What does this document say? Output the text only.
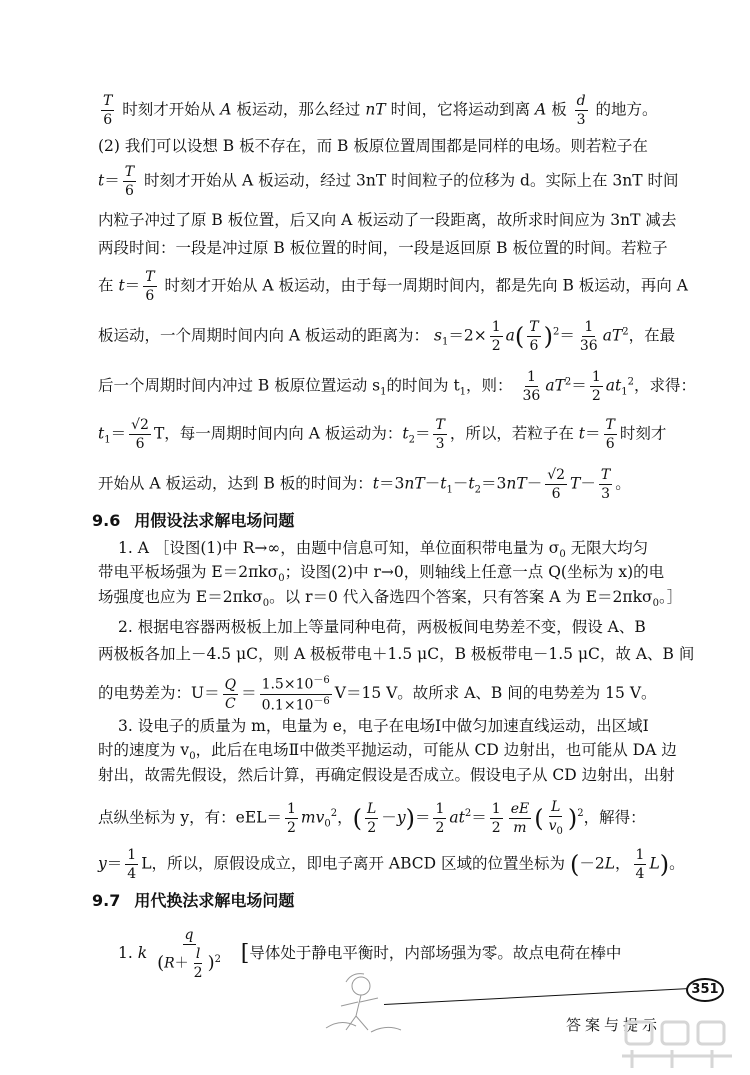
$\frac{T}{6}$ 时刻才开始从 A 板运动，那么经过 nT 时间，它将运动到离 A 板 $\frac{d}{3}$ 的地方。
(2) 我们可以设想 B 板不存在，而 B 板原位置周围都是同样的电场。则若粒子在
$t= \frac{T}{6}$ 时刻才开始从 A 板运动，经过 3nT 时间粒子的位移为 d。实际上在 3nT 时间
内粒子冲过了原 B 板位置，后又向 A 板运动了一段距离，故所求时间应为 3nT 减去
两段时间：一段是冲过原 B 板位置的时间，一段是返回原 B 板位置的时间。若粒子
在 $t= \frac{T}{6}$ 时刻才开始从 A 板运动，由于每一周期时间内，都是先向 B 板运动，再向 A
板运动，一个周期时间内向 A 板运动的距离为： $s_1=2\times \frac{1}{2} a( \frac{T}{6} )^2= \frac{1}{36} aT^2$，在最
后一个周期时间内冲过 B 板原位置运动 $s_1$的时间为 $t_1$，则： $\frac{1}{36} aT^2= \frac{1}{2} at_1^2$，求得：
$t_1= \frac{√2}{6}$ T，每一周期时间内向 A 板运动为：$t_2= \frac{T}{3}$ ，所以，若粒子在 $t= \frac{T}{6}$ 时刻才
开始从 A 板运动，达到 B 板的时间为：$t=3nT-t_1-t_2=3nT- \frac{√2}{6} T- \frac{T}{3}$ 。
9.6 用假设法求解电场问题
1. A ［设图(1)中 R→∞，由题中信息可知，单位面积带电量为 $\sigma_0$ 无限大均匀
带电平板场强为 E＝2πkσ$_0$；设图(2)中 r→0，则轴线上任意一点 Q(坐标为 x)的电
场强度也应为 E＝2πkσ$_0$。以 r＝0 代入备选四个答案，只有答案 A 为 E＝2πkσ$_0$。］
2. 根据电容器两极板上加上等量同种电荷，两极板间电势差不变，假设 A、B
两极板各加上－4.5 μC，则 A 极板带电＋1.5 μC，B 极板带电－1.5 μC，故 A、B 间
的电势差为：$U= \frac{Q}{C} = \frac{1.5\times 10^{-6}}{0.1\times 10^{-6}} V=15$ V。故所求 A、B 间的电势差为 15 V。
3. 设电子的质量为 m，电量为 e，电子在电场Ⅰ中做匀加速直线运动，出区域Ⅰ
时的速度为 $v_0$，此后在电场Ⅱ中做类平抛运动，可能从 CD 边射出，也可能从 DA 边
射出，故需先假设，然后计算，再确定假设是否成立。假设电子从 CD 边射出，出射
点纵坐标为 y，有：$eEL= \frac{1}{2} mv_0^2$，( $\frac{L}{2} -y)= \frac{1}{2} at^2= \frac{1}{2} \frac{eE}{m}$ ( $\frac{L}{v_0} )^2$，解得：
$y= \frac{1}{4}$ L，所以，原假设成立，即电子离开 ABCD 区域的位置坐标为 (－2L， $\frac{1}{4} L$)。
9.7 用代换法求解电场问题
1. k $\frac{q}{(R+ \frac{l}{2} )^2}$ [导体处于静电平衡时，内部场强为零。故点电荷在棒中
351
答案与提示
